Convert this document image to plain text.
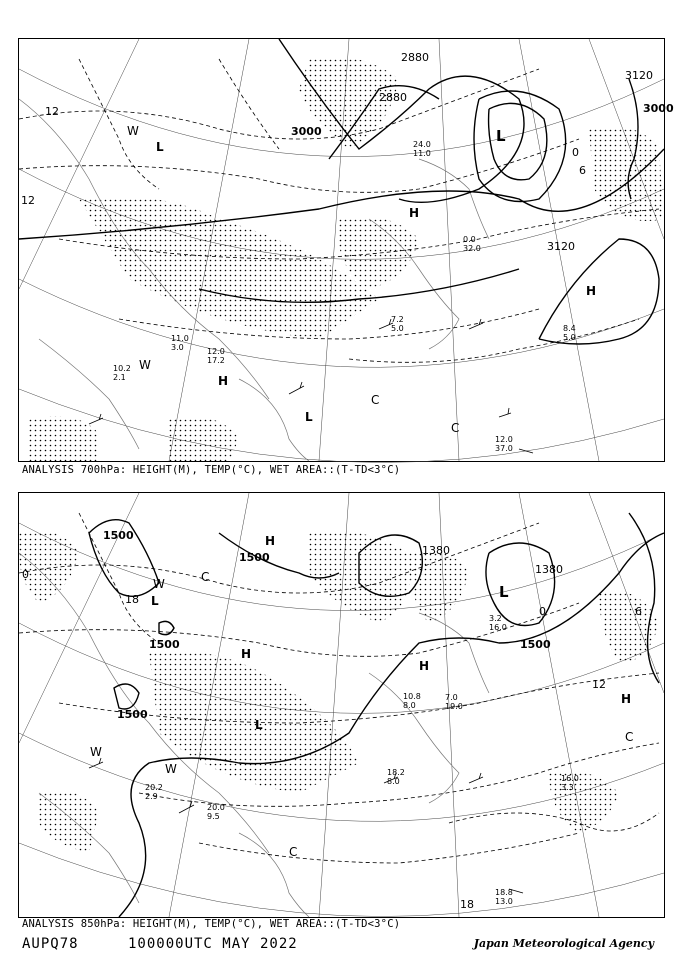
3120
3000
2880
2880
3000
3120
12
12
6
0
H
H
H
L
L
L
C
C
W
W
24.0
11.0
7.2
5.0	8.4
5.0
12.0
37.0
11.0
3.0	12.0
17.2
10.2
2.1
0.0
32.0
ANALYSIS 700hPa: HEIGHT(M), TEMP(°C), WET AREA::(T-TD<3°C)
1500
1500
1500
1500
1500
1380
1380
18
18
12
6
0
0
H
H
H
H
L
L
L
C
C
C
W
W
W
18.8
13.0
20.0
9.5
20.2
2.9
18.2
8.0	16.0
3.3
7.0
19.0
10.8
8.0
3.2
16.0
ANALYSIS 850hPa: HEIGHT(M), TEMP(°C), WET AREA::(T-TD<3°C)
AUPQ78	100000UTC MAY 2022	Japan Meteorological Agency
